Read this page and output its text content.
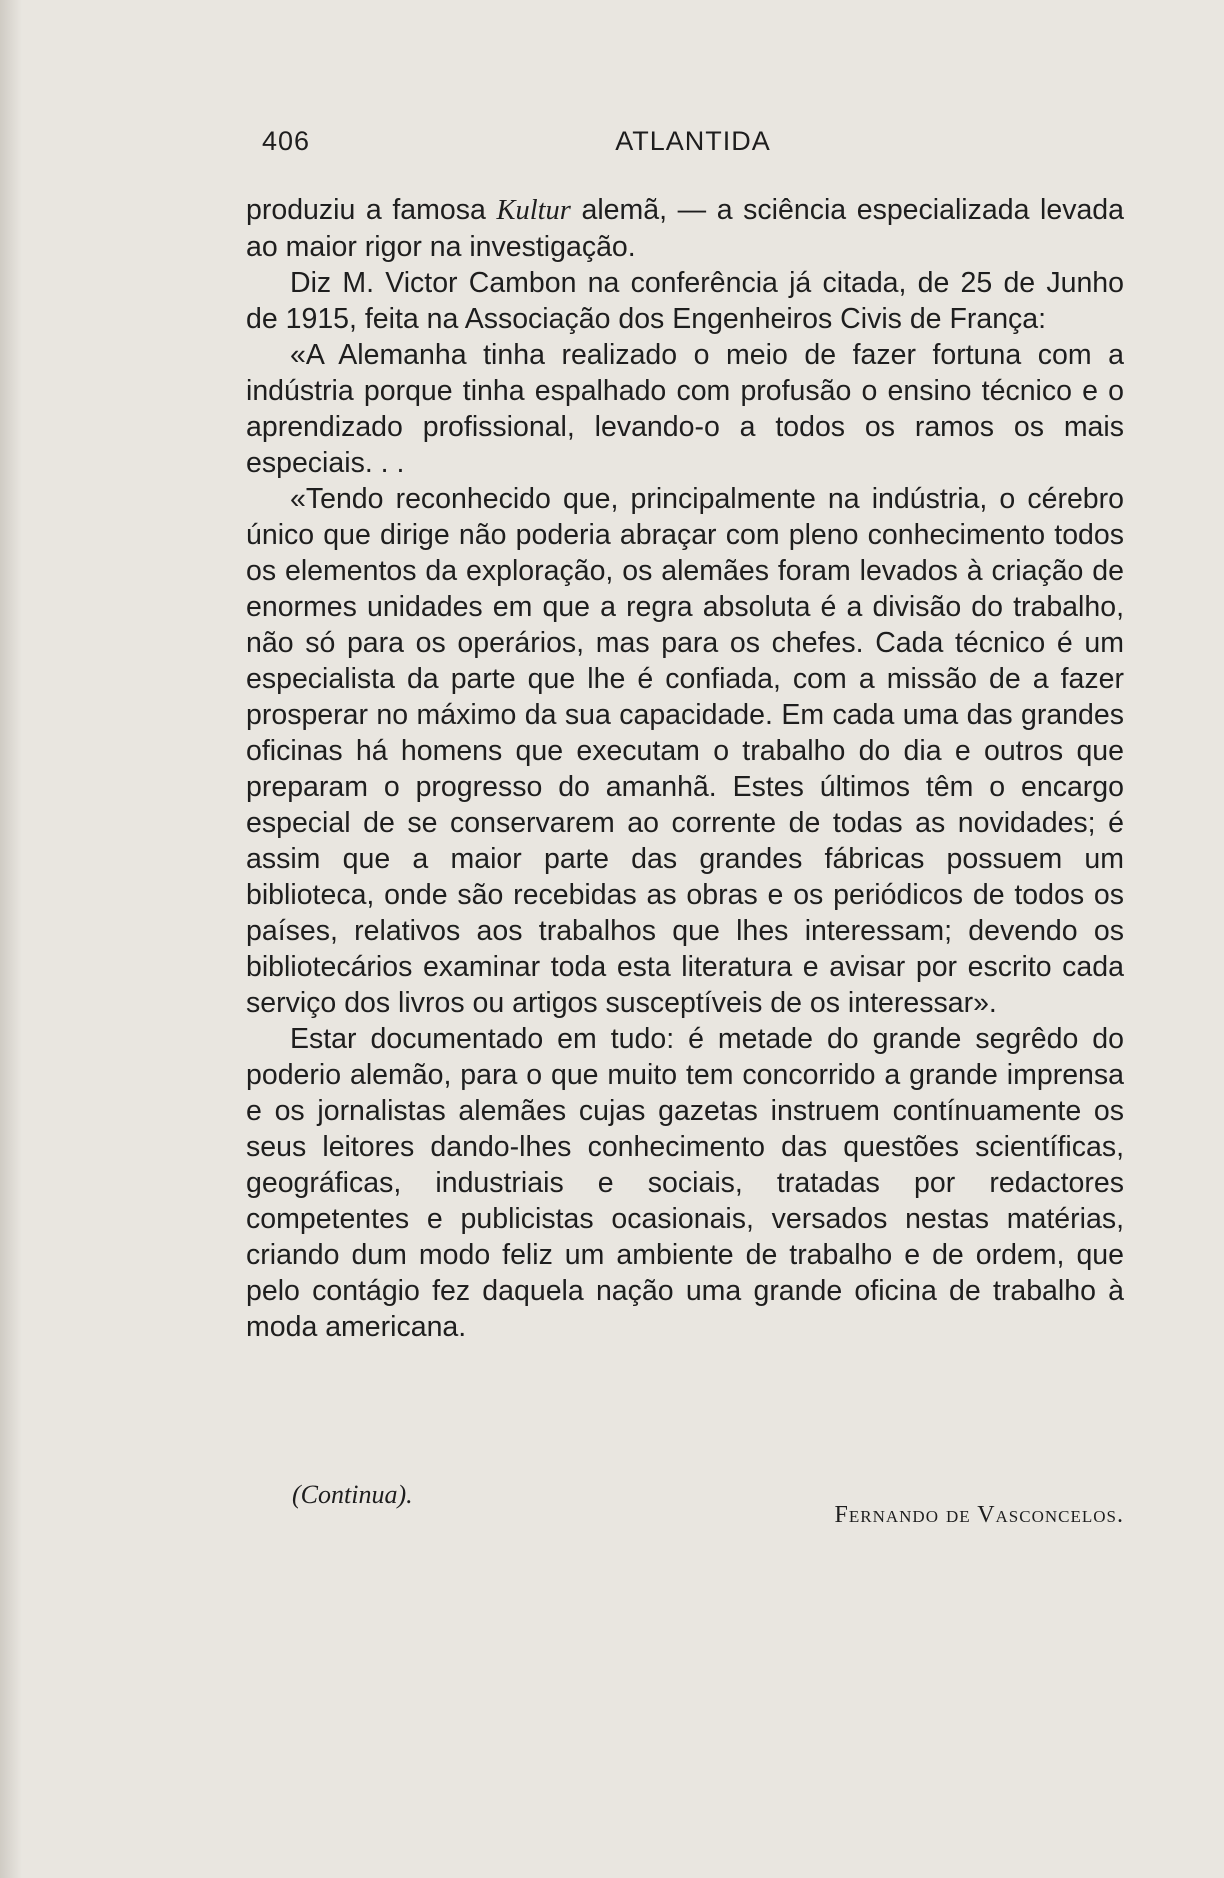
406	ATLANTIDA

produziu a famosa Kultur alemã, — a sciência especializada levada ao maior rigor na investigação.

Diz M. Victor Cambon na conferência já citada, de 25 de Junho de 1915, feita na Associação dos Engenheiros Civis de França:

«A Alemanha tinha realizado o meio de fazer fortuna com a indústria porque tinha espalhado com profusão o ensino técnico e o aprendizado profissional, levando-o a todos os ramos os mais especiais. . .

«Tendo reconhecido que, principalmente na indústria, o cérebro único que dirige não poderia abraçar com pleno conhecimento todos os elementos da exploração, os alemães foram levados à criação de enormes unidades em que a regra absoluta é a divisão do trabalho, não só para os operários, mas para os chefes. Cada técnico é um especialista da parte que lhe é confiada, com a missão de a fazer prosperar no máximo da sua capacidade. Em cada uma das grandes oficinas há homens que executam o trabalho do dia e outros que preparam o progresso do amanhã. Estes últimos têm o encargo especial de se conservarem ao corrente de todas as novidades; é assim que a maior parte das grandes fábricas possuem um biblioteca, onde são recebidas as obras e os periódicos de todos os países, relativos aos trabalhos que lhes interessam; devendo os bibliotecários examinar toda esta literatura e avisar por escrito cada serviço dos livros ou artigos susceptíveis de os interessar».

Estar documentado em tudo: é metade do grande segrêdo do poderio alemão, para o que muito tem concorrido a grande imprensa e os jornalistas alemães cujas gazetas instruem contínuamente os seus leitores dando-lhes conhecimento das questões scientíficas, geográficas, industriais e sociais, tratadas por redactores competentes e publicistas ocasionais, versados nestas matérias, criando dum modo feliz um ambiente de trabalho e de ordem, que pelo contágio fez daquela nação uma grande oficina de trabalho à moda americana.

(Continua).
Fernando de Vasconcelos.
